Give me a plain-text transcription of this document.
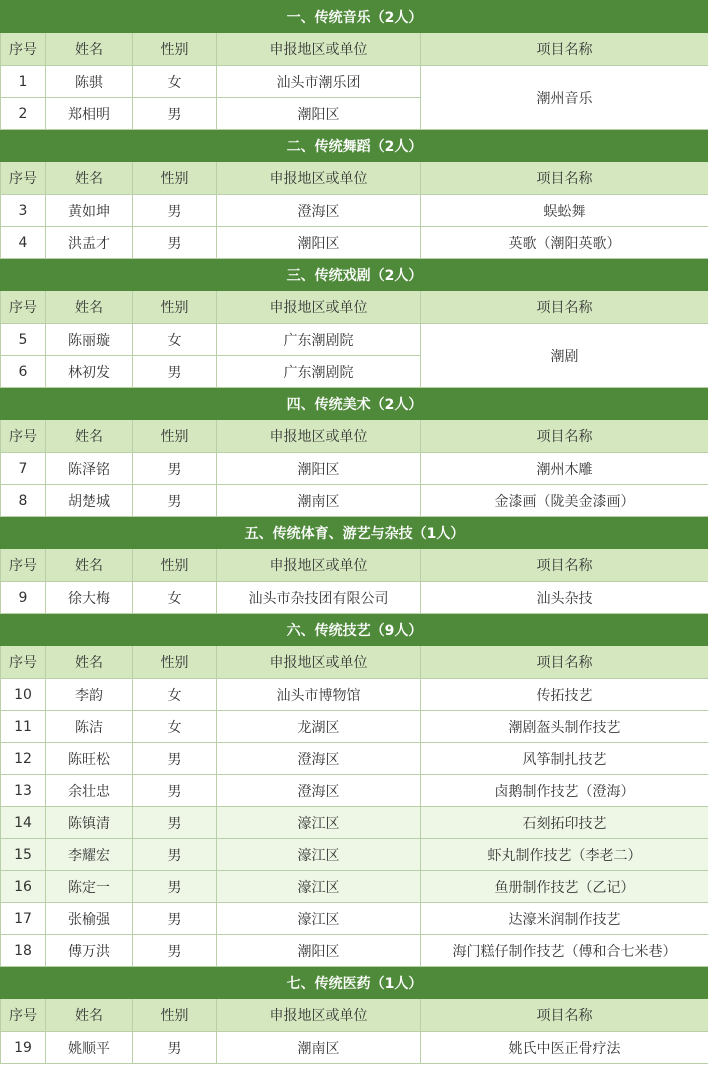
一、传统音乐（2人）				
序号	姓名	性别	申报地区或单位	项目名称
1	陈骐	女	汕头市潮乐团	潮州音乐
2	郑相明	男	潮阳区	
二、传统舞蹈（2人）				
序号	姓名	性别	申报地区或单位	项目名称
3	黄如坤	男	澄海区	蜈蚣舞
4	洪盂才	男	潮阳区	英歌（潮阳英歌）
三、传统戏剧（2人）				
序号	姓名	性别	申报地区或单位	项目名称
5	陈丽璇	女	广东潮剧院	潮剧
6	林初发	男	广东潮剧院	
四、传统美术（2人）				
序号	姓名	性别	申报地区或单位	项目名称
7	陈泽铭	男	潮阳区	潮州木雕
8	胡楚城	男	潮南区	金漆画（陇美金漆画）
五、传统体育、游艺与杂技（1人）				
序号	姓名	性别	申报地区或单位	项目名称
9	徐大梅	女	汕头市杂技团有限公司	汕头杂技
六、传统技艺（9人）				
序号	姓名	性别	申报地区或单位	项目名称
10	李韵	女	汕头市博物馆	传拓技艺
11	陈洁	女	龙湖区	潮剧盔头制作技艺
12	陈旺松	男	澄海区	风筝制扎技艺
13	余壮忠	男	澄海区	卤鹅制作技艺（澄海）
14	陈镇清	男	濠江区	石刻拓印技艺
15	李耀宏	男	濠江区	虾丸制作技艺（李老二）
16	陈定一	男	濠江区	鱼册制作技艺（乙记）
17	张榆强	男	濠江区	达濠米润制作技艺
18	傅万洪	男	潮阳区	海门糕仔制作技艺（傅和合七米巷）
七、传统医药（1人）				
序号	姓名	性别	申报地区或单位	项目名称
19	姚顺平	男	潮南区	姚氏中医正骨疗法
